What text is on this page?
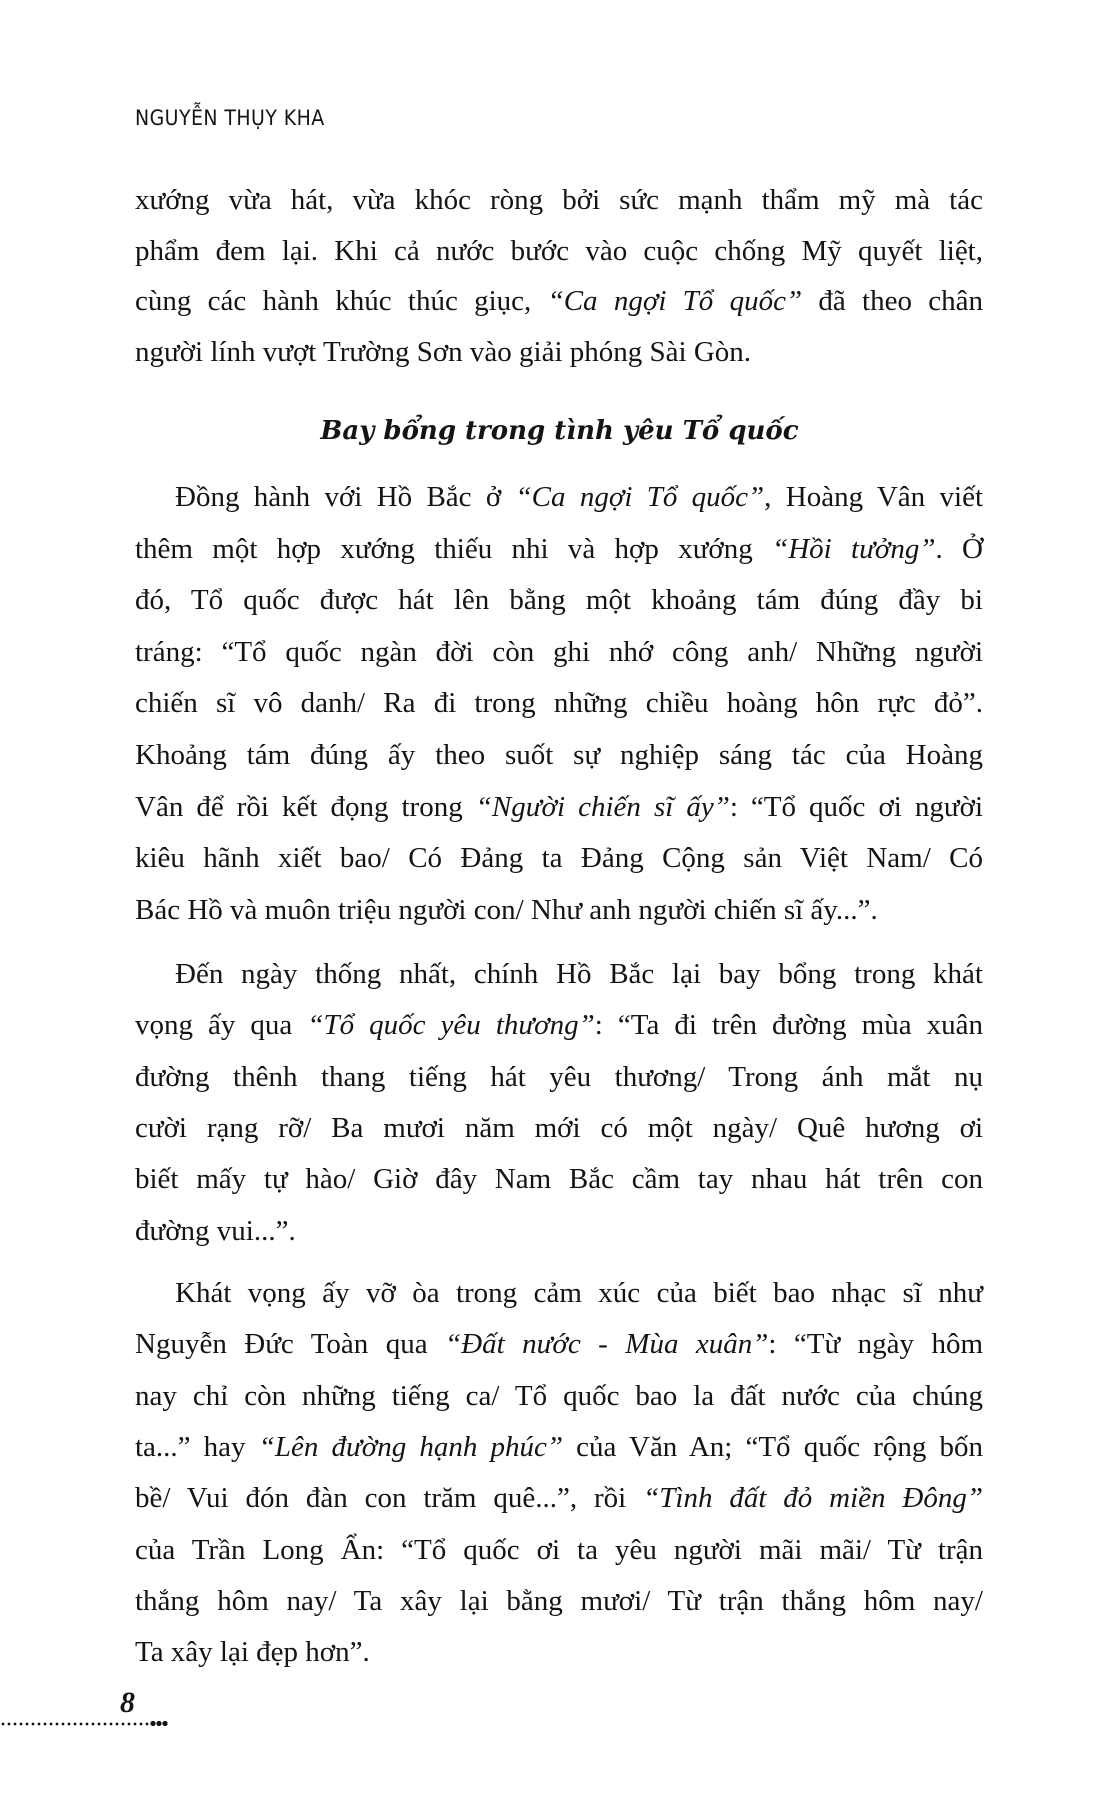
NGUYỄN THỤY KHA
xướng vừa hát, vừa khóc ròng bởi sức mạnh thẩm mỹ mà tác
phẩm đem lại. Khi cả nước bước vào cuộc chống Mỹ quyết liệt,
cùng các hành khúc thúc giục, “Ca ngợi Tổ quốc” đã theo chân
người lính vượt Trường Sơn vào giải phóng Sài Gòn.
Đồng hành với Hồ Bắc ở “Ca ngợi Tổ quốc”, Hoàng Vân viết
thêm một hợp xướng thiếu nhi và hợp xướng “Hồi tưởng”. Ở
đó, Tổ quốc được hát lên bằng một khoảng tám đúng đầy bi
tráng: “Tổ quốc ngàn đời còn ghi nhớ công anh/ Những người
chiến sĩ vô danh/ Ra đi trong những chiều hoàng hôn rực đỏ”.
Khoảng tám đúng ấy theo suốt sự nghiệp sáng tác của Hoàng
Vân để rồi kết đọng trong “Người chiến sĩ ấy”: “Tổ quốc ơi người
kiêu hãnh xiết bao/ Có Đảng ta Đảng Cộng sản Việt Nam/ Có
Bác Hồ và muôn triệu người con/ Như anh người chiến sĩ ấy...”.
Đến ngày thống nhất, chính Hồ Bắc lại bay bổng trong khát
vọng ấy qua “Tổ quốc yêu thương”: “Ta đi trên đường mùa xuân
đường thênh thang tiếng hát yêu thương/ Trong ánh mắt nụ
cười rạng rỡ/ Ba mươi năm mới có một ngày/ Quê hương ơi
biết mấy tự hào/ Giờ đây Nam Bắc cầm tay nhau hát trên con
đường vui...”.
Khát vọng ấy vỡ òa trong cảm xúc của biết bao nhạc sĩ như
Nguyễn Đức Toàn qua “Đất nước - Mùa xuân”: “Từ ngày hôm
nay chỉ còn những tiếng ca/ Tổ quốc bao la đất nước của chúng
ta...” hay “Lên đường hạnh phúc” của Văn An; “Tổ quốc rộng bốn
bề/ Vui đón đàn con trăm quê...”, rồi “Tình đất đỏ miền Đông”
của Trần Long Ẩn: “Tổ quốc ơi ta yêu người mãi mãi/ Từ trận
thắng hôm nay/ Ta xây lại bằng mươi/ Từ trận thắng hôm nay/
Ta xây lại đẹp hơn”.
Bay bổng trong tình yêu Tổ quốc
8
